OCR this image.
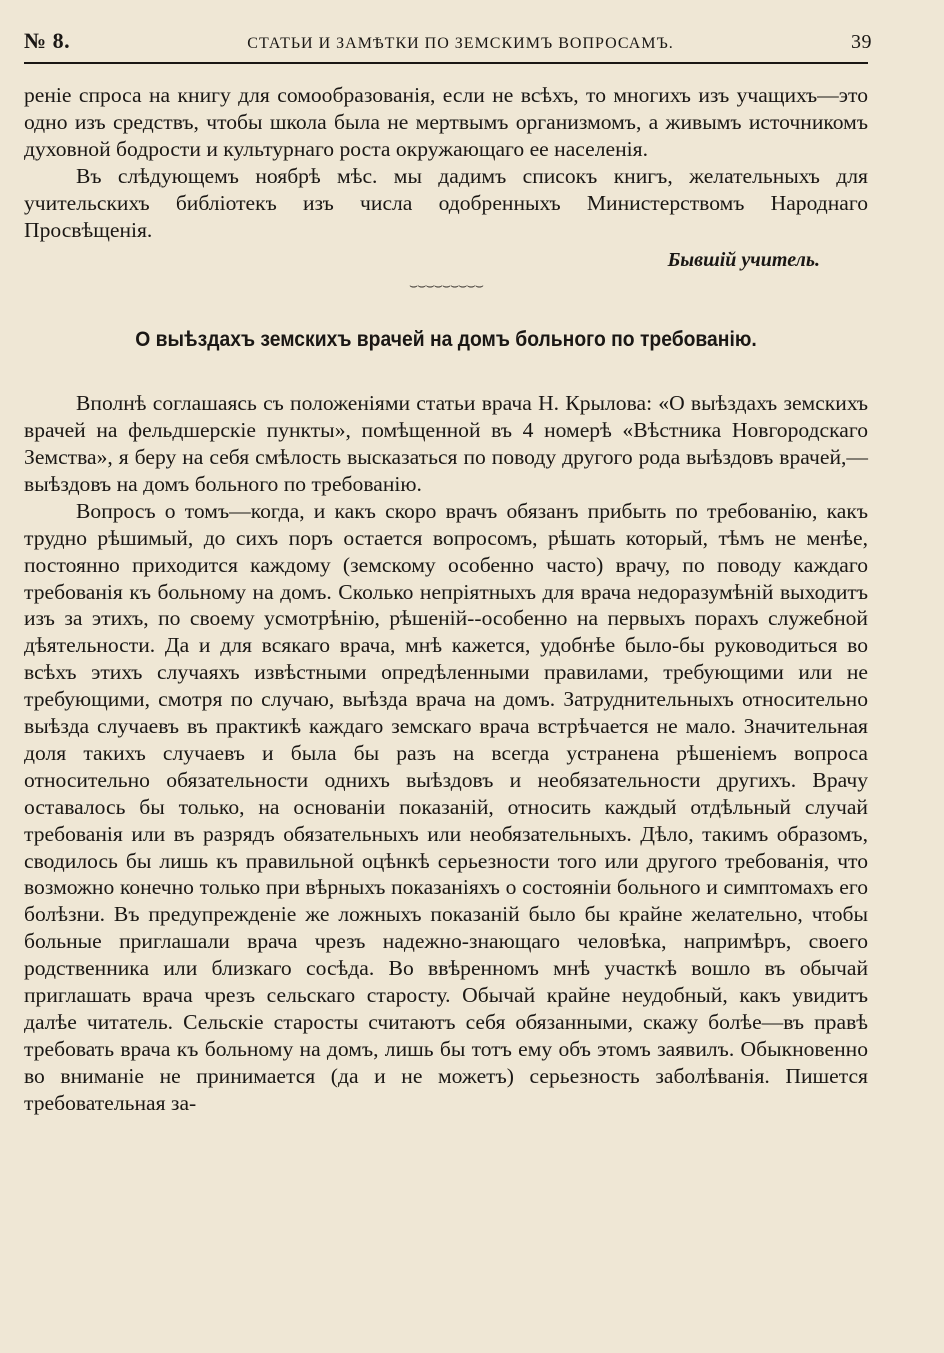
№ 8.	СТАТЬИ И ЗАМѢТКИ ПО ЗЕМСКИМЪ ВОПРОСАМЪ.	39

реніе спроса на книгу для сомообразованія, если не всѣхъ, то многихъ изъ учащихъ—это одно изъ средствъ, чтобы школа была не мертвымъ организмомъ, а живымъ источникомъ духовной бодрости и культурнаго роста окружающаго ее населенія.

Въ слѣдующемъ ноябрѣ мѣс. мы дадимъ списокъ книгъ, желательныхъ для учительскихъ библіотекъ изъ числа одобренныхъ Министерствомъ Народнаго Просвѣщенія.

Бывшій учитель.
⌣⌣⌣⌣⌣⌣⌣⌣⌣
О выѣздахъ земскихъ врачей на домъ больного по требованію.

Вполнѣ соглашаясь съ положеніями статьи врача Н. Крылова: «О выѣздахъ земскихъ врачей на фельдшерскіе пункты», помѣщенной въ 4 номерѣ «Вѣстника Новгородскаго Земства», я беру на себя смѣлость высказаться по поводу другого рода выѣздовъ врачей,—выѣздовъ на домъ больного по требованію.

Вопросъ о томъ—когда, и какъ скоро врачъ обязанъ прибыть по требованію, какъ трудно рѣшимый, до сихъ поръ остается вопросомъ, рѣшать который, тѣмъ не менѣе, постоянно приходится каждому (земскому особенно часто) врачу, по поводу каждаго требованія къ больному на домъ. Сколько непріятныхъ для врача недоразумѣній выходитъ изъ за этихъ, по своему усмотрѣнію, рѣшеній--особенно на первыхъ порахъ служебной дѣятельности. Да и для всякаго врача, мнѣ кажется, удобнѣе было-бы руководиться во всѣхъ этихъ случаяхъ извѣстными опредѣленными правилами, требующими или не требующими, смотря по случаю, выѣзда врача на домъ. Затруднительныхъ относительно выѣзда случаевъ въ практикѣ каждаго земскаго врача встрѣчается не мало. Значительная доля такихъ случаевъ и была бы разъ на всегда устранена рѣшеніемъ вопроса относительно обязательности однихъ выѣздовъ и необязательности другихъ. Врачу оставалось бы только, на основаніи показаній, относить каждый отдѣльный случай требованія или въ разрядъ обязательныхъ или необязательныхъ. Дѣло, такимъ образомъ, сводилось бы лишь къ правильной оцѣнкѣ серьезности того или другого требованія, что возможно конечно только при вѣрныхъ показаніяхъ о состояніи больного и симптомахъ его болѣзни. Въ предупрежденіе же ложныхъ показаній было бы крайне желательно, чтобы больные приглашали врача чрезъ надежно-знающаго человѣка, напримѣръ, своего родственника или близкаго сосѣда. Во ввѣренномъ мнѣ участкѣ вошло въ обычай приглашать врача чрезъ сельскаго старосту. Обычай крайне неудобный, какъ увидитъ далѣе читатель. Сельскіе старосты считаютъ себя обязанными, скажу болѣе—въ правѣ требовать врача къ больному на домъ, лишь бы тотъ ему объ этомъ заявилъ. Обыкновенно во вниманіе не принимается (да и не можетъ) серьезность заболѣванія. Пишется требовательная за-
